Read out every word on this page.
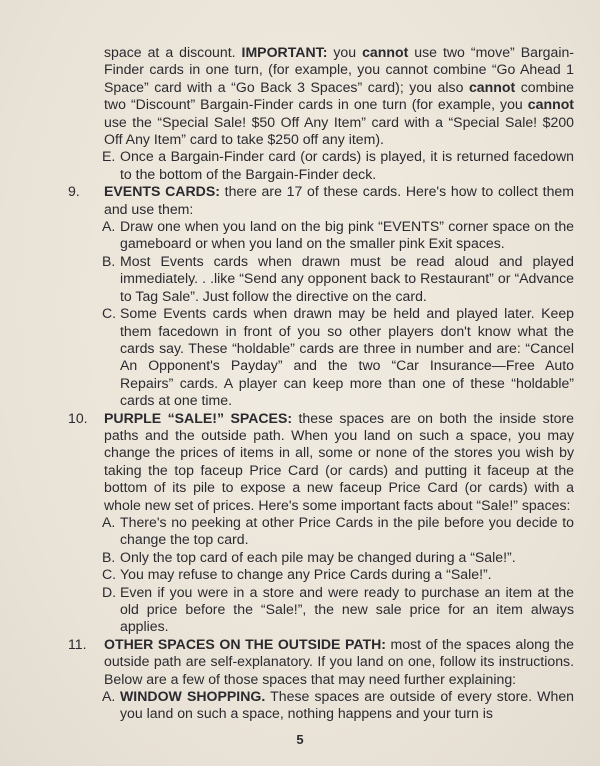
space at a discount. IMPORTANT: you cannot use two “move” Bargain-Finder cards in one turn, (for example, you cannot combine “Go Ahead 1 Space” card with a “Go Back 3 Spaces” card); you also cannot combine two “Discount” Bargain-Finder cards in one turn (for example, you cannot use the “Special Sale! $50 Off Any Item” card with a “Special Sale! $200 Off Any Item” card to take $250 off any item).

E. Once a Bargain-Finder card (or cards) is played, it is returned facedown to the bottom of the Bargain-Finder deck.
9. EVENTS CARDS: there are 17 of these cards. Here's how to collect them and use them:
A. Draw one when you land on the big pink “EVENTS” corner space on the gameboard or when you land on the smaller pink Exit spaces.
B. Most Events cards when drawn must be read aloud and played immediately. . .like “Send any opponent back to Restaurant” or “Advance to Tag Sale”. Just follow the directive on the card.
C. Some Events cards when drawn may be held and played later. Keep them facedown in front of you so other players don't know what the cards say. These “holdable” cards are three in number and are: “Cancel An Opponent's Payday” and the two “Car Insurance—Free Auto Repairs” cards. A player can keep more than one of these “holdable” cards at one time.
10. PURPLE “SALE!” SPACES: these spaces are on both the inside store paths and the outside path. When you land on such a space, you may change the prices of items in all, some or none of the stores you wish by taking the top faceup Price Card (or cards) and putting it faceup at the bottom of its pile to expose a new faceup Price Card (or cards) with a whole new set of prices. Here's some important facts about “Sale!” spaces:
A. There's no peeking at other Price Cards in the pile before you decide to change the top card.
B. Only the top card of each pile may be changed during a “Sale!”.
C. You may refuse to change any Price Cards during a “Sale!”.
D. Even if you were in a store and were ready to purchase an item at the old price before the “Sale!”, the new sale price for an item always applies.
11. OTHER SPACES ON THE OUTSIDE PATH: most of the spaces along the outside path are self-explanatory. If you land on one, follow its instructions. Below are a few of those spaces that may need further explaining:
A. WINDOW SHOPPING. These spaces are outside of every store. When you land on such a space, nothing happens and your turn is
5
